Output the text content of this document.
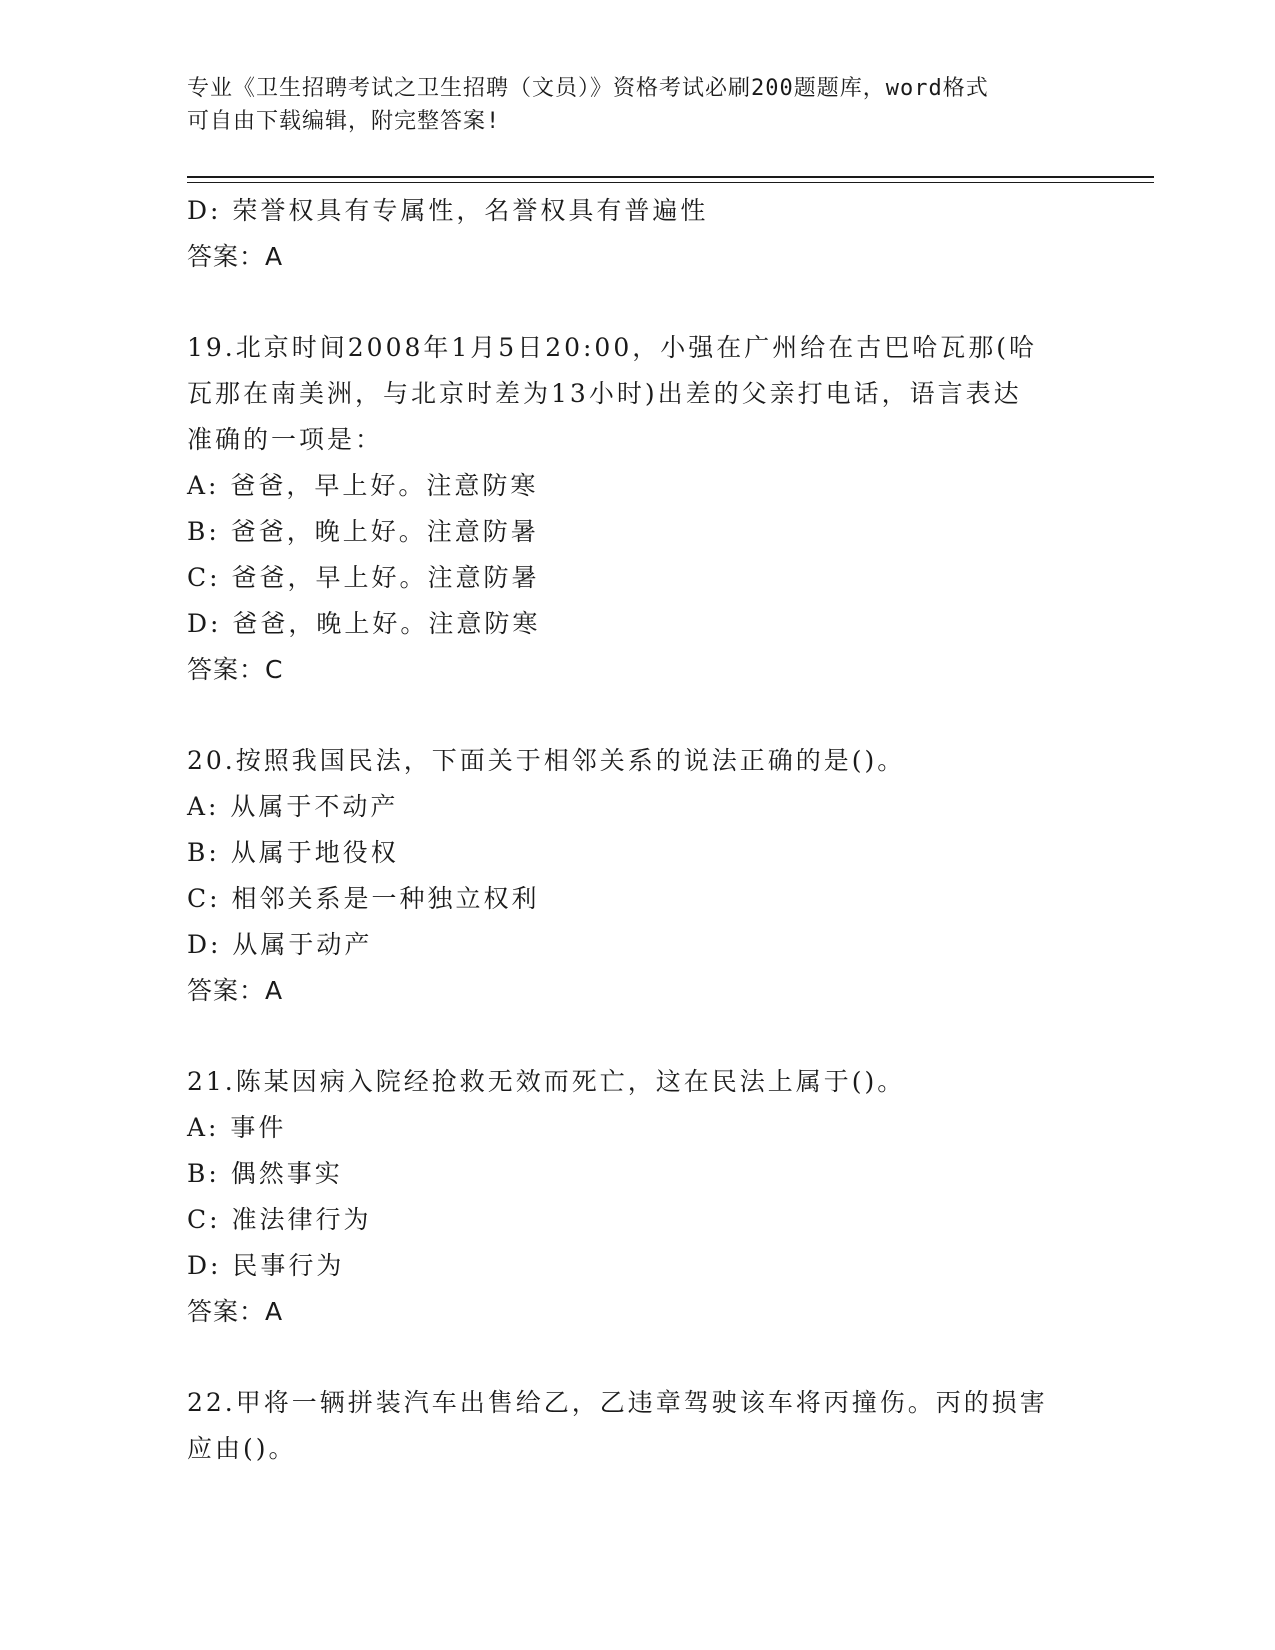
专业《卫生招聘考试之卫生招聘（文员）》资格考试必刷200题题库，word格式
可自由下载编辑，附完整答案!
D: 荣誉权具有专属性，名誉权具有普遍性
答案：A
19.北京时间2008年1月5日20:00，小强在广州给在古巴哈瓦那(哈
瓦那在南美洲，与北京时差为13小时)出差的父亲打电话，语言表达
准确的一项是：
A: 爸爸，早上好。注意防寒
B: 爸爸，晚上好。注意防暑
C: 爸爸，早上好。注意防暑
D: 爸爸，晚上好。注意防寒
答案：C
20.按照我国民法，下面关于相邻关系的说法正确的是()。
A: 从属于不动产
B: 从属于地役权
C: 相邻关系是一种独立权利
D: 从属于动产
答案：A
21.陈某因病入院经抢救无效而死亡，这在民法上属于()。
A: 事件
B: 偶然事实
C: 准法律行为
D: 民事行为
答案：A
22.甲将一辆拼装汽车出售给乙，乙违章驾驶该车将丙撞伤。丙的损害
应由()。
